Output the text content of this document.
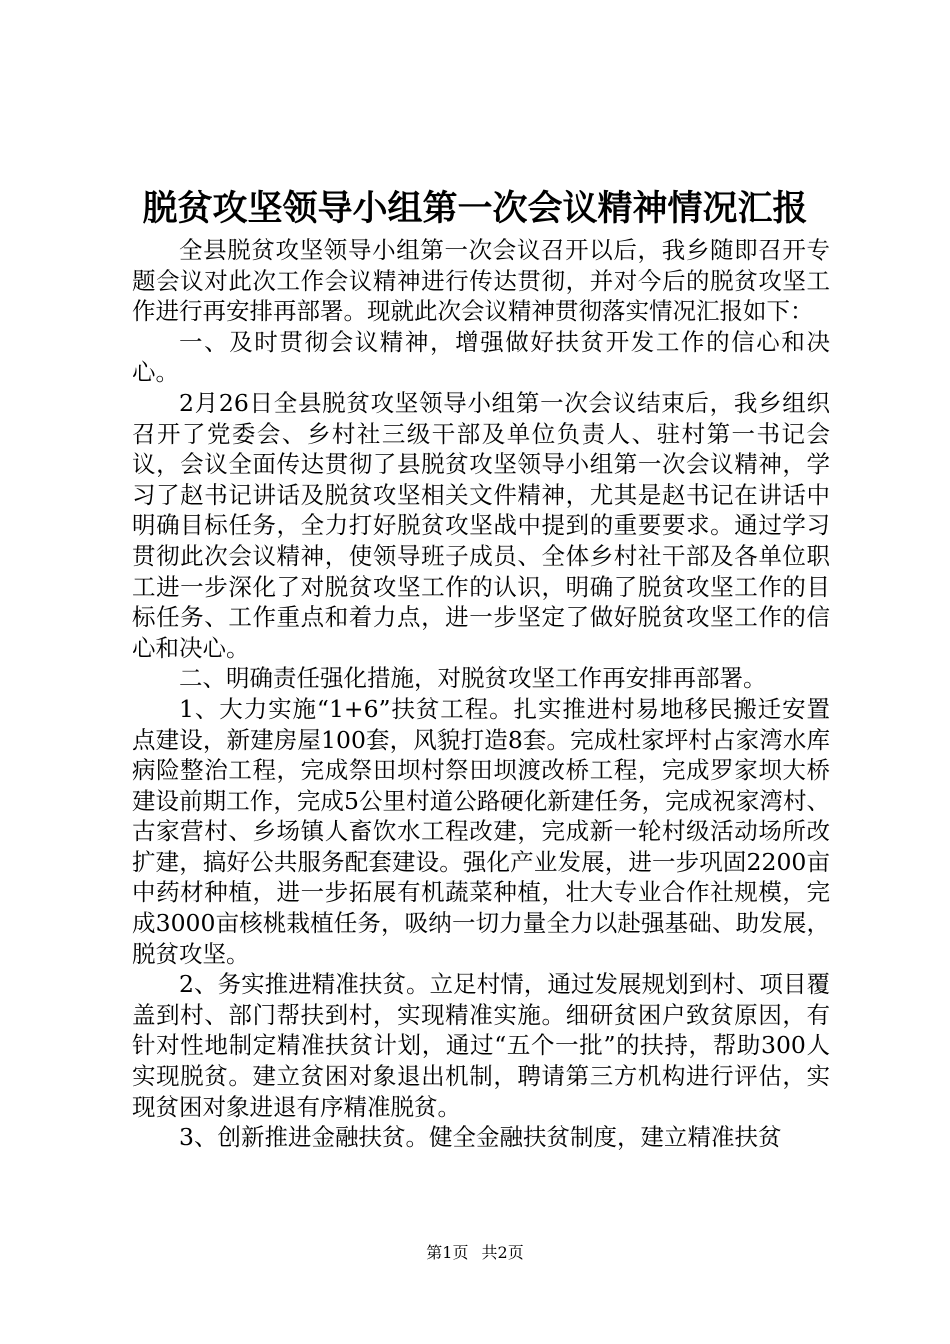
脱贫攻坚领导小组第一次会议精神情况汇报

全县脱贫攻坚领导小组第一次会议召开以后，我乡随即召开专题会议对此次工作会议精神进行传达贯彻，并对今后的脱贫攻坚工作进行再安排再部署。现就此次会议精神贯彻落实情况汇报如下：

一、及时贯彻会议精神，增强做好扶贫开发工作的信心和决心。

2月26日全县脱贫攻坚领导小组第一次会议结束后，我乡组织召开了党委会、乡村社三级干部及单位负责人、驻村第一书记会议，会议全面传达贯彻了县脱贫攻坚领导小组第一次会议精神，学习了赵书记讲话及脱贫攻坚相关文件精神，尤其是赵书记在讲话中明确目标任务，全力打好脱贫攻坚战中提到的重要要求。通过学习贯彻此次会议精神，使领导班子成员、全体乡村社干部及各单位职工进一步深化了对脱贫攻坚工作的认识，明确了脱贫攻坚工作的目标任务、工作重点和着力点，进一步坚定了做好脱贫攻坚工作的信心和决心。

二、明确责任强化措施，对脱贫攻坚工作再安排再部署。

1、大力实施“1+6”扶贫工程。扎实推进村易地移民搬迁安置点建设，新建房屋100套，风貌打造8套。完成杜家坪村占家湾水库病险整治工程，完成祭田坝村祭田坝渡改桥工程，完成罗家坝大桥建设前期工作，完成5公里村道公路硬化新建任务，完成祝家湾村、古家营村、乡场镇人畜饮水工程改建，完成新一轮村级活动场所改扩建，搞好公共服务配套建设。强化产业发展，进一步巩固2200亩中药材种植，进一步拓展有机蔬菜种植，壮大专业合作社规模，完成3000亩核桃栽植任务，吸纳一切力量全力以赴强基础、助发展，脱贫攻坚。

2、务实推进精准扶贫。立足村情，通过发展规划到村、项目覆盖到村、部门帮扶到村，实现精准实施。细研贫困户致贫原因，有针对性地制定精准扶贫计划，通过“五个一批”的扶持，帮助300人实现脱贫。建立贫困对象退出机制，聘请第三方机构进行评估，实现贫困对象进退有序精准脱贫。

3、创新推进金融扶贫。健全金融扶贫制度，建立精准扶贫

第1页 共2页
